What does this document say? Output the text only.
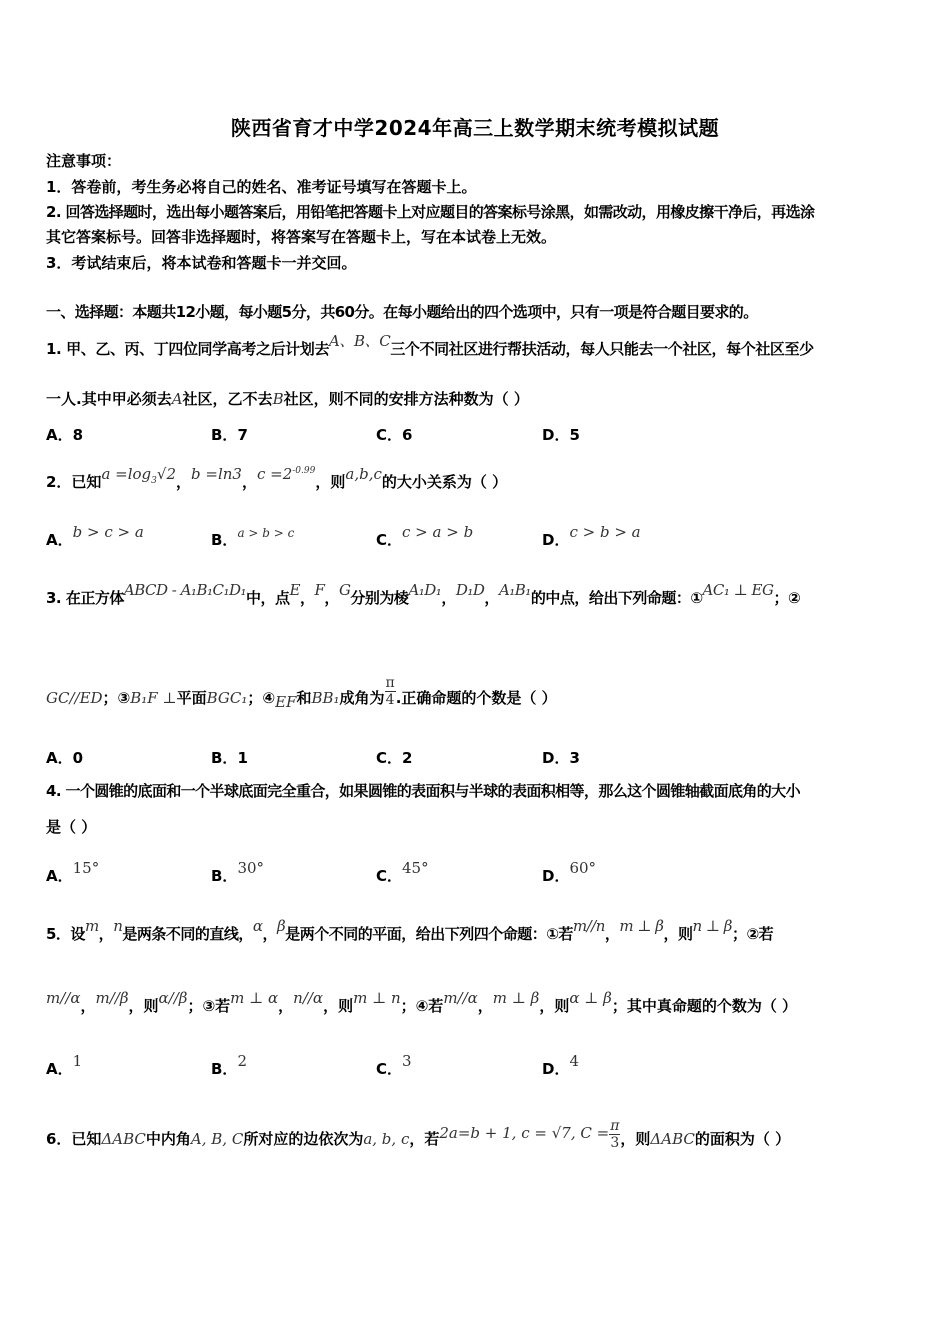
陕西省育才中学2024年高三上数学期末统考模拟试题
注意事项：
1．答卷前，考生务必将自己的姓名、准考证号填写在答题卡上。
2. 回答选择题时，选出每小题答案后，用铅笔把答题卡上对应题目的答案标号涂黑，如需改动，用橡皮擦干净后，再选涂
其它答案标号。回答非选择题时，将答案写在答题卡上，写在本试卷上无效。
3．考试结束后，将本试卷和答题卡一并交回。
一、选择题：本题共12小题，每小题5分，共60分。在每小题给出的四个选项中，只有一项是符合题目要求的。
1. 甲、乙、丙、丁四位同学高考之后计划去A、B、C三个不同社区进行帮扶活动，每人只能去一个社区，每个社区至少
一人.其中甲必须去A社区，乙不去B社区，则不同的安排方法种数为（ ）
A．8	B．7	C．6	D．5
2．已知$a =\log_3√2$，b =ln3，$c =2^{-0.99}$，则a,b,c的大小关系为（ ）
A．b > c > a	B．$^{a > b > c}$	C．c > a > b	D．c > b > a
3. 在正方体ABCD - A₁B₁C₁D₁中，点E，F，G分别为棱A₁D₁，D₁D，A₁B₁的中点，给出下列命题：①AC₁ ⊥ EG；②
GC//ED；③B₁F ⊥平面BGC₁；④EF和BB₁成角为 $\frac{\pi}{4}$ .正确命题的个数是（ ）
A．0	B．1	C．2	D．3
4. 一个圆锥的底面和一个半球底面完全重合，如果圆锥的表面积与半球的表面积相等，那么这个圆锥轴截面底角的大小
是（ ）
A．15°	B．30°	C．45°	D．60°
5．设m，n是两条不同的直线，α，β是两个不同的平面，给出下列四个命题：①若m//n，m ⊥ β，则n ⊥ β；②若
m//α，m//β，则α//β；③若m ⊥ α，n//α，则m ⊥ n；④若m//α，m ⊥ β，则α ⊥ β；其中真命题的个数为（ ）
A．1	B．2	C．3	D．4
6．已知ΔABC中内角A, B, C所对应的边依次为a, b, c，若2a=b + 1, c = √7, $C = \frac{\pi}{3}$ ，则ΔABC的面积为（ ）
